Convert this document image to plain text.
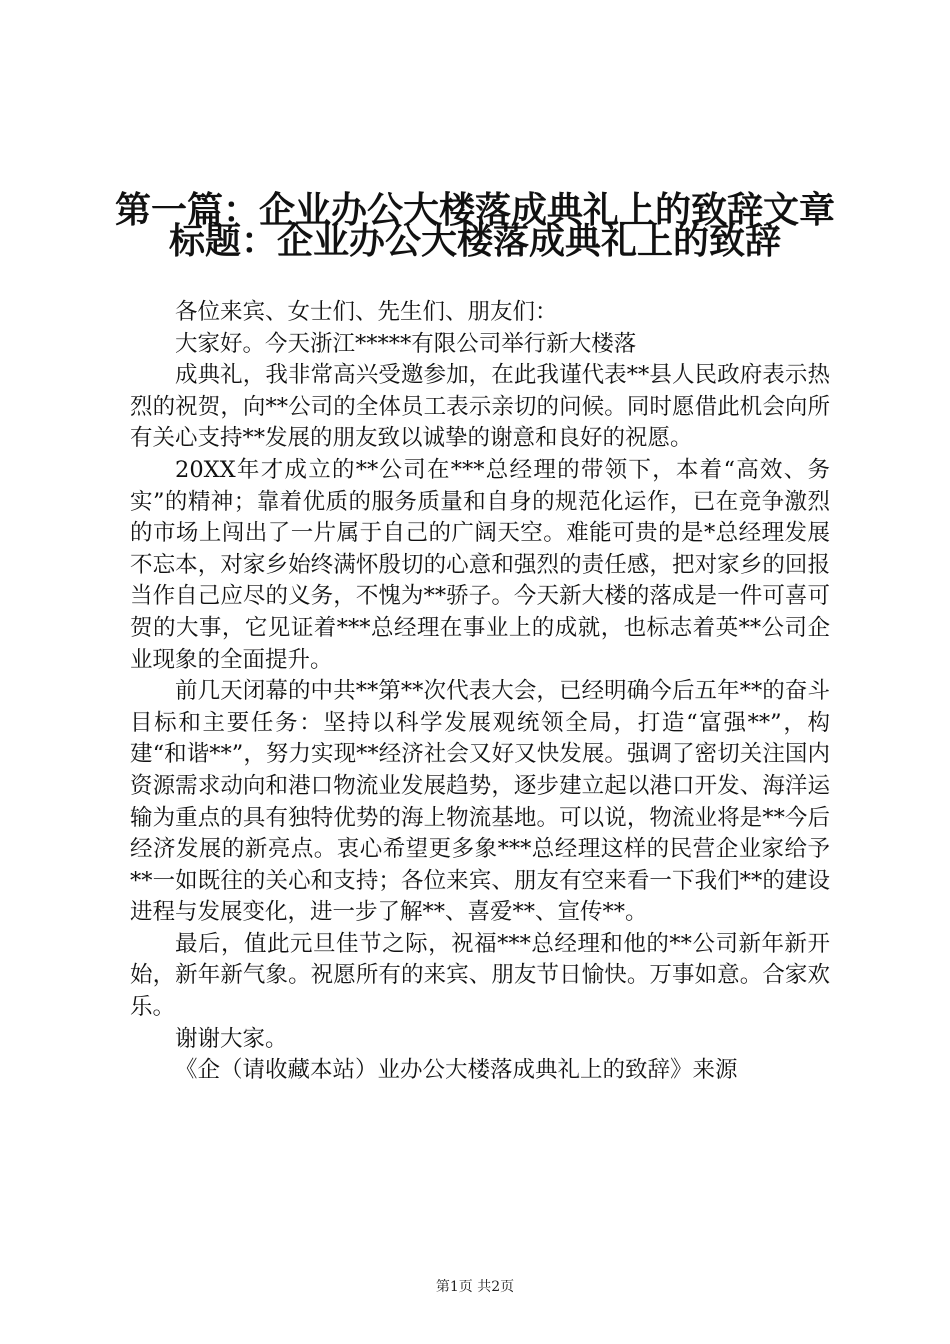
第一篇：企业办公大楼落成典礼上的致辞文章
标题：企业办公大楼落成典礼上的致辞

各位来宾、女士们、先生们、朋友们：

大家好。今天浙江*****有限公司举行新大楼落

成典礼，我非常高兴受邀参加，在此我谨代表**县人民政府表示热烈的祝贺，向**公司的全体员工表示亲切的问候。同时愿借此机会向所有关心支持**发展的朋友致以诚挚的谢意和良好的祝愿。

20XX年才成立的**公司在***总经理的带领下，本着“高效、务实”的精神；靠着优质的服务质量和自身的规范化运作，已在竞争激烈的市场上闯出了一片属于自己的广阔天空。难能可贵的是*总经理发展不忘本，对家乡始终满怀殷切的心意和强烈的责任感，把对家乡的回报当作自己应尽的义务，不愧为**骄子。今天新大楼的落成是一件可喜可贺的大事，它见证着***总经理在事业上的成就，也标志着英**公司企业现象的全面提升。

前几天闭幕的中共**第**次代表大会，已经明确今后五年**的奋斗目标和主要任务：坚持以科学发展观统领全局，打造“富强**”，构建“和谐**”，努力实现**经济社会又好又快发展。强调了密切关注国内资源需求动向和港口物流业发展趋势，逐步建立起以港口开发、海洋运输为重点的具有独特优势的海上物流基地。可以说，物流业将是**今后经济发展的新亮点。衷心希望更多象***总经理这样的民营企业家给予**一如既往的关心和支持；各位来宾、朋友有空来看一下我们**的建设进程与发展变化，进一步了解**、喜爱**、宣传**。

最后，值此元旦佳节之际，祝福***总经理和他的**公司新年新开始，新年新气象。祝愿所有的来宾、朋友节日愉快。万事如意。合家欢乐。

谢谢大家。

《企（请收藏本站）业办公大楼落成典礼上的致辞》来源

第1页 共2页
